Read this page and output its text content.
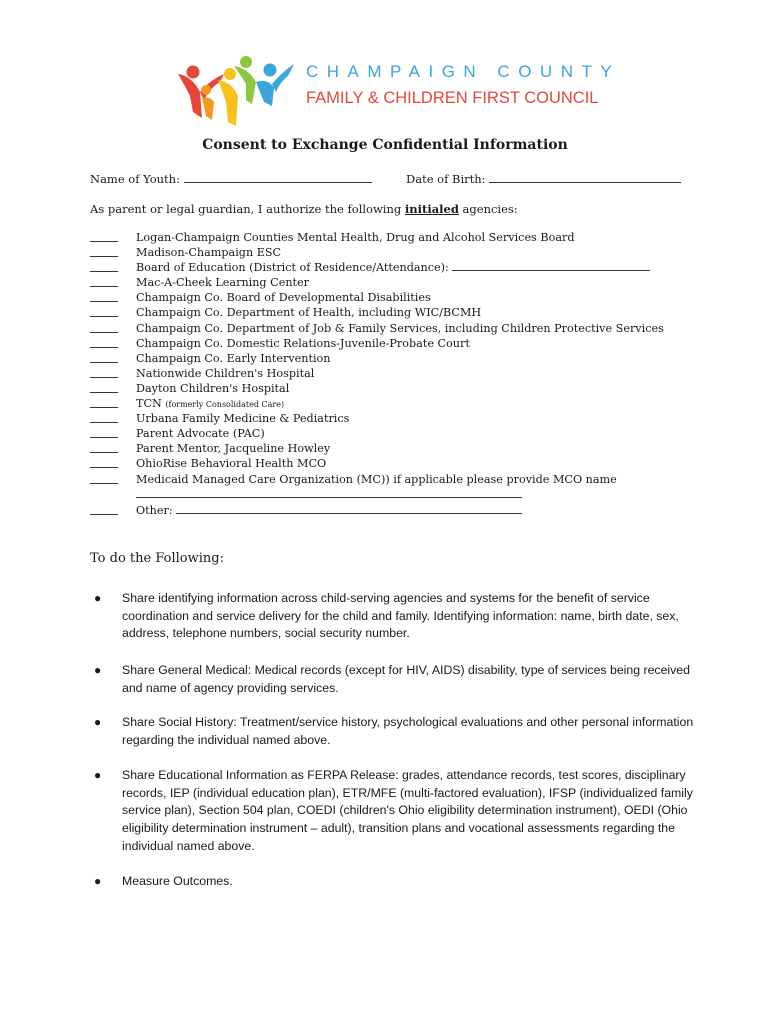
CHAMPAIGN COUNTY
FAMILY & CHILDREN FIRST COUNCIL
Consent to Exchange Confidential Information
Name of Youth:	Date of Birth:
As parent or legal guardian, I authorize the following initialed agencies:
Logan-Champaign Counties Mental Health, Drug and Alcohol Services Board
Madison-Champaign ESC
Board of Education (District of Residence/Attendance):
Mac-A-Cheek Learning Center
Champaign Co. Board of Developmental Disabilities
Champaign Co. Department of Health, including WIC/BCMH
Champaign Co. Department of Job & Family Services, including Children Protective Services
Champaign Co. Domestic Relations-Juvenile-Probate Court
Champaign Co. Early Intervention
Nationwide Children's Hospital
Dayton Children's Hospital
TCN (formerly Consolidated Care)
Urbana Family Medicine & Pediatrics
Parent Advocate (PAC)
Parent Mentor, Jacqueline Howley
OhioRise Behavioral Health MCO
Medicaid Managed Care Organization (MC)) if applicable please provide MCO name
Other:
To do the Following:
● Share identifying information across child-serving agencies and systems for the benefit of service coordination and service delivery for the child and family. Identifying information: name, birth date, sex, address, telephone numbers, social security number.
● Share General Medical: Medical records (except for HIV, AIDS) disability, type of services being received and name of agency providing services.
● Share Social History: Treatment/service history, psychological evaluations and other personal information regarding the individual named above.
● Share Educational Information as FERPA Release: grades, attendance records, test scores, disciplinary records, IEP (individual education plan), ETR/MFE (multi-factored evaluation), IFSP (individualized family service plan), Section 504 plan, COEDI (children's Ohio eligibility determination instrument), OEDI (Ohio eligibility determination instrument – adult), transition plans and vocational assessments regarding the individual named above.
● Measure Outcomes.
